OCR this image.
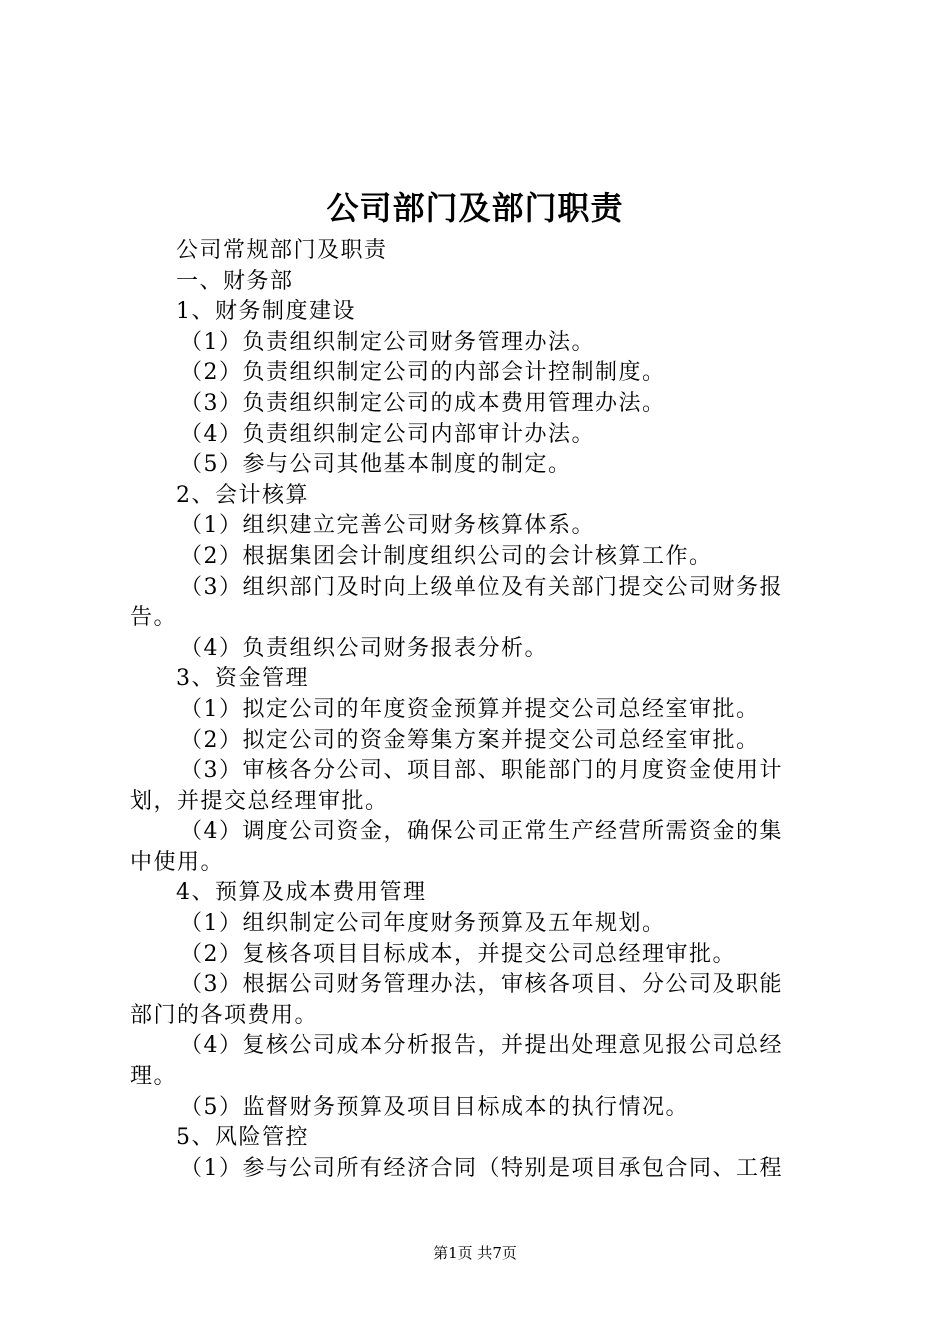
公司部门及部门职责
公司常规部门及职责
一、财务部
1、财务制度建设
（1）负责组织制定公司财务管理办法。
（2）负责组织制定公司的内部会计控制制度。
（3）负责组织制定公司的成本费用管理办法。
（4）负责组织制定公司内部审计办法。
（5）参与公司其他基本制度的制定。
2、会计核算
（1）组织建立完善公司财务核算体系。
（2）根据集团会计制度组织公司的会计核算工作。
（3）组织部门及时向上级单位及有关部门提交公司财务报
告。
（4）负责组织公司财务报表分析。
3、资金管理
（1）拟定公司的年度资金预算并提交公司总经室审批。
（2）拟定公司的资金筹集方案并提交公司总经室审批。
（3）审核各分公司、项目部、职能部门的月度资金使用计
划，并提交总经理审批。
（4）调度公司资金，确保公司正常生产经营所需资金的集
中使用。
4、预算及成本费用管理
（1）组织制定公司年度财务预算及五年规划。
（2）复核各项目目标成本，并提交公司总经理审批。
（3）根据公司财务管理办法，审核各项目、分公司及职能
部门的各项费用。
（4）复核公司成本分析报告，并提出处理意见报公司总经
理。
（5）监督财务预算及项目目标成本的执行情况。
5、风险管控
（1）参与公司所有经济合同（特别是项目承包合同、工程
第1页 共7页
